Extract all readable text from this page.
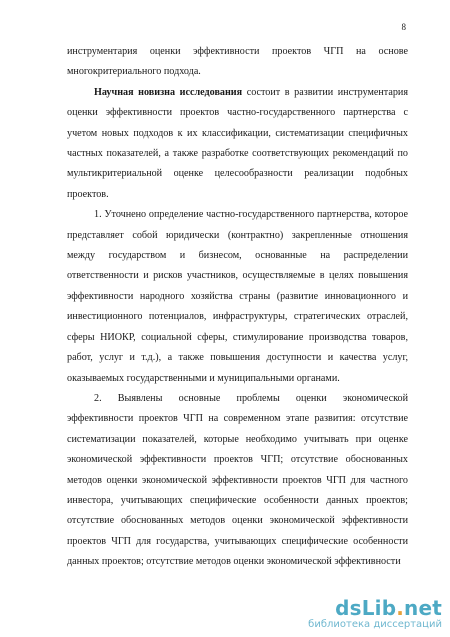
8

инструментария оценки эффективности проектов ЧГП на основе многокритериального подхода.

Научная новизна исследования состоит в развитии инструментария оценки эффективности проектов частно-государственного партнерства с учетом новых подходов к их классификации, систематизации специфичных частных показателей, а также разработке соответствующих рекомендаций по мультикритериальной оценке целесообразности реализации подобных проектов.

1. Уточнено определение частно-государственного партнерства, которое представляет собой юридически (контрактно) закрепленные отношения между государством и бизнесом, основанные на распределении ответственности и рисков участников, осуществляемые в целях повышения эффективности народного хозяйства страны (развитие инновационного и инвестиционного потенциалов, инфраструктуры, стратегических отраслей, сферы НИОКР, социальной сферы, стимулирование производства товаров, работ, услуг и т.д.), а также повышения доступности и качества услуг, оказываемых государственными и муниципальными органами.

2. Выявлены основные проблемы оценки экономической эффективности проектов ЧГП на современном этапе развития: отсутствие систематизации показателей, которые необходимо учитывать при оценке экономической эффективности проектов ЧГП; отсутствие обоснованных методов оценки экономической эффективности проектов ЧГП для частного инвестора, учитывающих специфические особенности данных проектов; отсутствие обоснованных методов оценки экономической эффективности проектов ЧГП для государства, учитывающих специфические особенности данных проектов; отсутствие методов оценки экономической эффективности

dsLib.net
библиотека диссертаций
